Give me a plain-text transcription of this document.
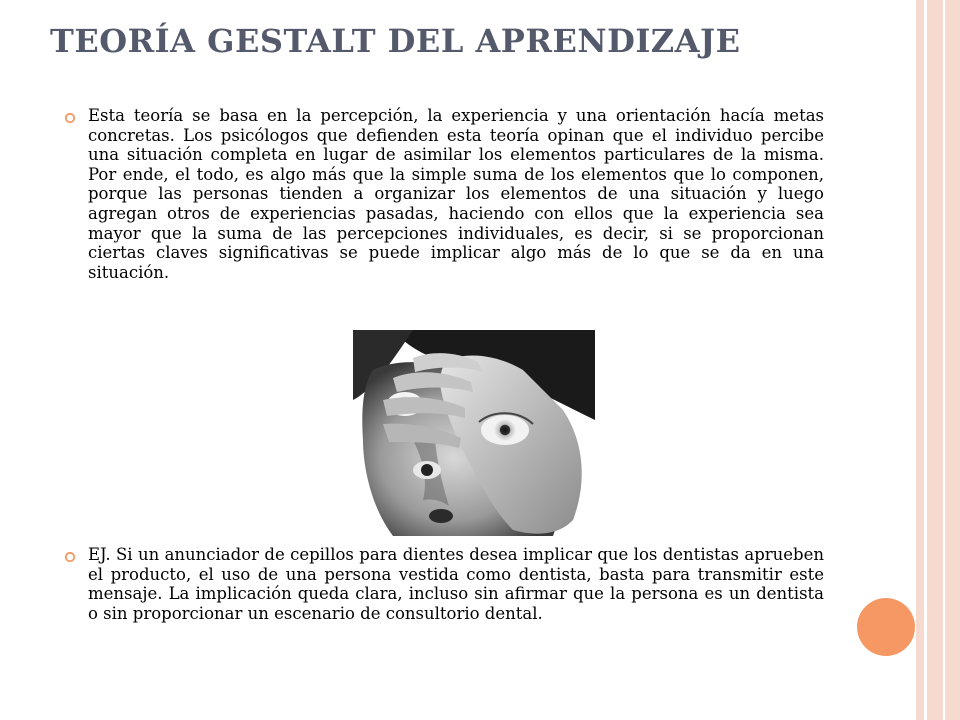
TEORÍA GESTALT DEL APRENDIZAJE

Esta teoría se basa en la percepción, la experiencia y una orientación hacía metas concretas. Los psicólogos que defienden esta teoría opinan que el individuo percibe una situación completa en lugar de asimilar los elementos particulares de la misma. Por ende, el todo, es algo más que la simple suma de los elementos que lo componen, porque las personas tienden a organizar los elementos de una situación y luego agregan otros de experiencias pasadas, haciendo con ellos que la experiencia sea mayor que la suma de las percepciones individuales, es decir, si se proporcionan ciertas claves significativas se puede implicar algo más de lo que se da en una situación.

EJ. Si un anunciador de cepillos para dientes desea implicar que los dentistas aprueben el producto, el uso de una persona vestida como dentista, basta para transmitir este mensaje. La implicación queda clara, incluso sin afirmar que la persona es un dentista o sin proporcionar un escenario de consultorio dental.
